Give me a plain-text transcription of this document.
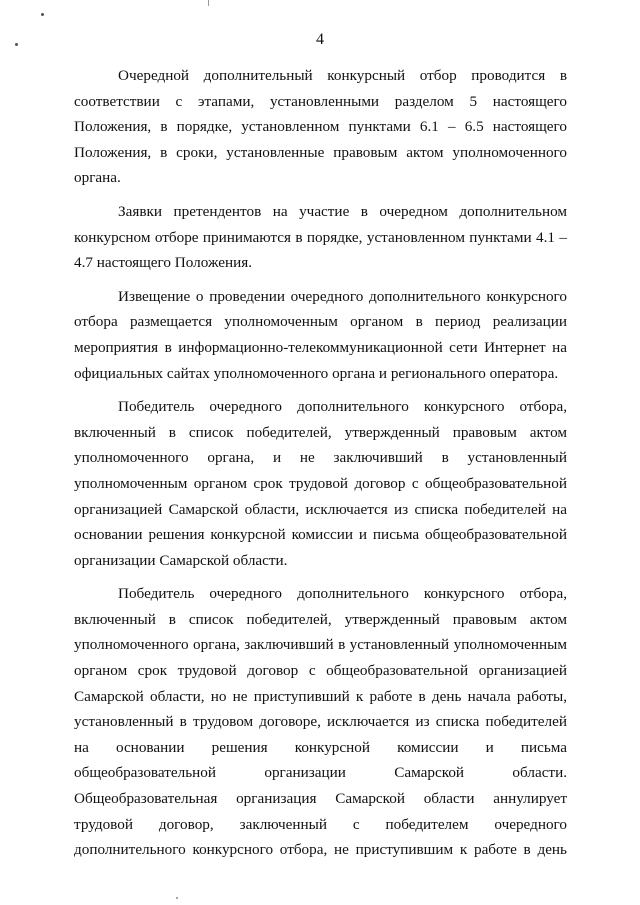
4

Очередной дополнительный конкурсный отбор проводится в соответствии с этапами, установленными разделом 5 настоящего Положения, в порядке, установленном пунктами 6.1 – 6.5 настоящего Положения, в сроки, установленные правовым актом уполномоченного органа.

Заявки претендентов на участие в очередном дополнительном конкурсном отборе принимаются в порядке, установленном пунктами 4.1 – 4.7 настоящего Положения.

Извещение о проведении очередного дополнительного конкурсного отбора размещается уполномоченным органом в период реализации мероприятия в информационно-телекоммуникационной сети Интернет на официальных сайтах уполномоченного органа и регионального оператора.

Победитель очередного дополнительного конкурсного отбора, включенный в список победителей, утвержденный правовым актом уполномоченного органа, и не заключивший в установленный уполномоченным органом срок трудовой договор с общеобразовательной организацией Самарской области, исключается из списка победителей на основании решения конкурсной комиссии и письма общеобразовательной организации Самарской области.

Победитель очередного дополнительного конкурсного отбора, включенный в список победителей, утвержденный правовым актом уполномоченного органа, заключивший в установленный уполномоченным органом срок трудовой договор с общеобразовательной организацией Самарской области, но не приступивший к работе в день начала работы, установленный в трудовом договоре, исключается из списка победителей на основании решения конкурсной комиссии и письма общеобразовательной организации Самарской области. Общеобразовательная организация Самарской области аннулирует трудовой договор, заключенный с победителем очередного дополнительного конкурсного отбора, не приступившим к работе в день
